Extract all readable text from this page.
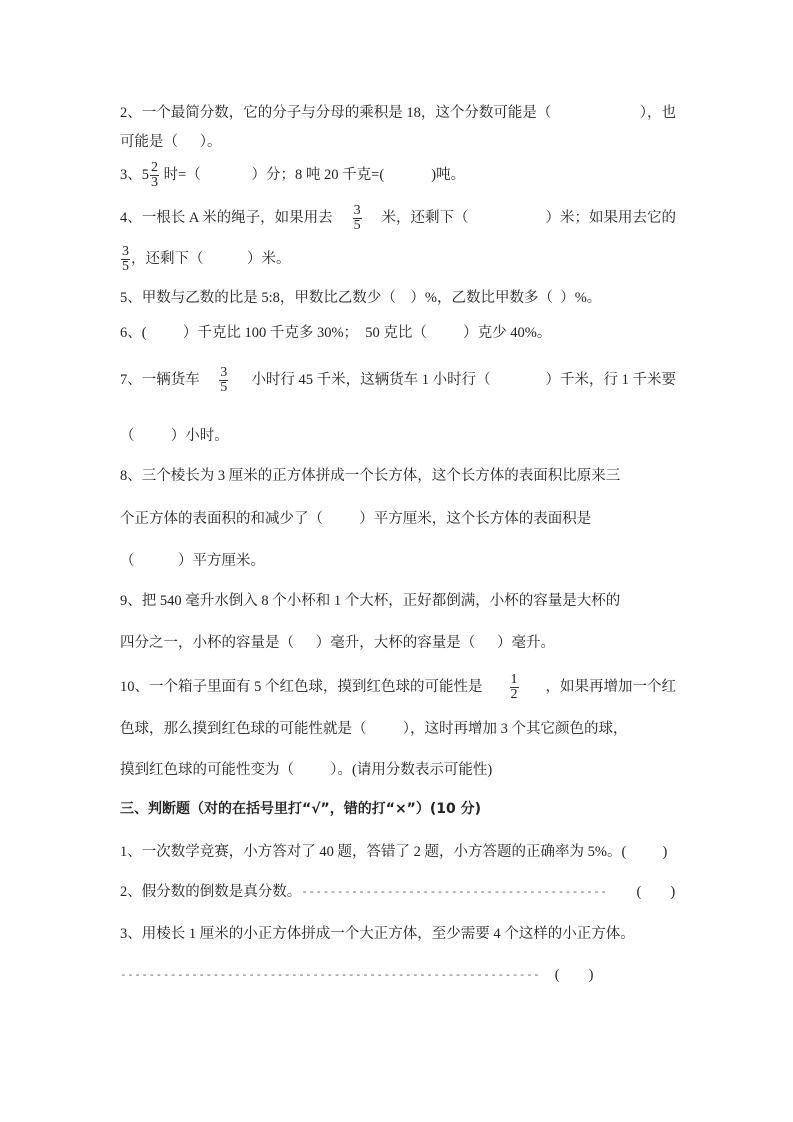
2、一个最简分数，它的分子与分母的乘积是 18，这个分数可能是（	），也
可能是（      ）。
3、$5 \frac{2}{3}$ 时=（              ）分；8 吨 20 千克=(             )吨。
4、一根长 A 米的绳子，如果用去 $\frac{3}{5}$ 米，还剩下（ ）米；如果用去它的
$\frac{3}{5}$ ，还剩下（            ）米。
5、甲数与乙数的比是 5:8，甲数比乙数少（    ）%，乙数比甲数多（  ）%。
6、(          ）千克比 100 千克多 30%；  50 克比（          ）克少 40%。
7、一辆货车 $\frac{3}{5}$ 小时行 45 千米，这辆货车 1 小时行（ ）千米，行 1 千米要
（          ）小时。
8、三个棱长为 3 厘米的正方体拼成一个长方体，这个长方体的表面积比原来三
个正方体的表面积的和减少了（          ）平方厘米，这个长方体的表面积是
（            ）平方厘米。
9、把 540 毫升水倒入 8 个小杯和 1 个大杯，正好都倒满，小杯的容量是大杯的
四分之一，小杯的容量是（      ）毫升，大杯的容量是（      ）毫升。
10、一个箱子里面有 5 个红色球，摸到红色球的可能性是 $\frac{1}{2}$ ，如果再增加一个红
色球，那么摸到红色球的可能性就是（          ），这时再增加 3 个其它颜色的球，
摸到红色球的可能性变为（          ）。(请用分数表示可能性)
三、判断题（对的在括号里打“√”，错的打“×”）(10 分)
1、一次数学竞赛，小方答对了 40 题，答错了 2 题，小方答题的正确率为 5%。(          )
2、假分数的倒数是真分数。 ------------------------------------------- (        )
3、用棱长 1 厘米的小正方体拼成一个大正方体，至少需要 4 个这样的小正方体。
----------------------------------------------------------- (        )
